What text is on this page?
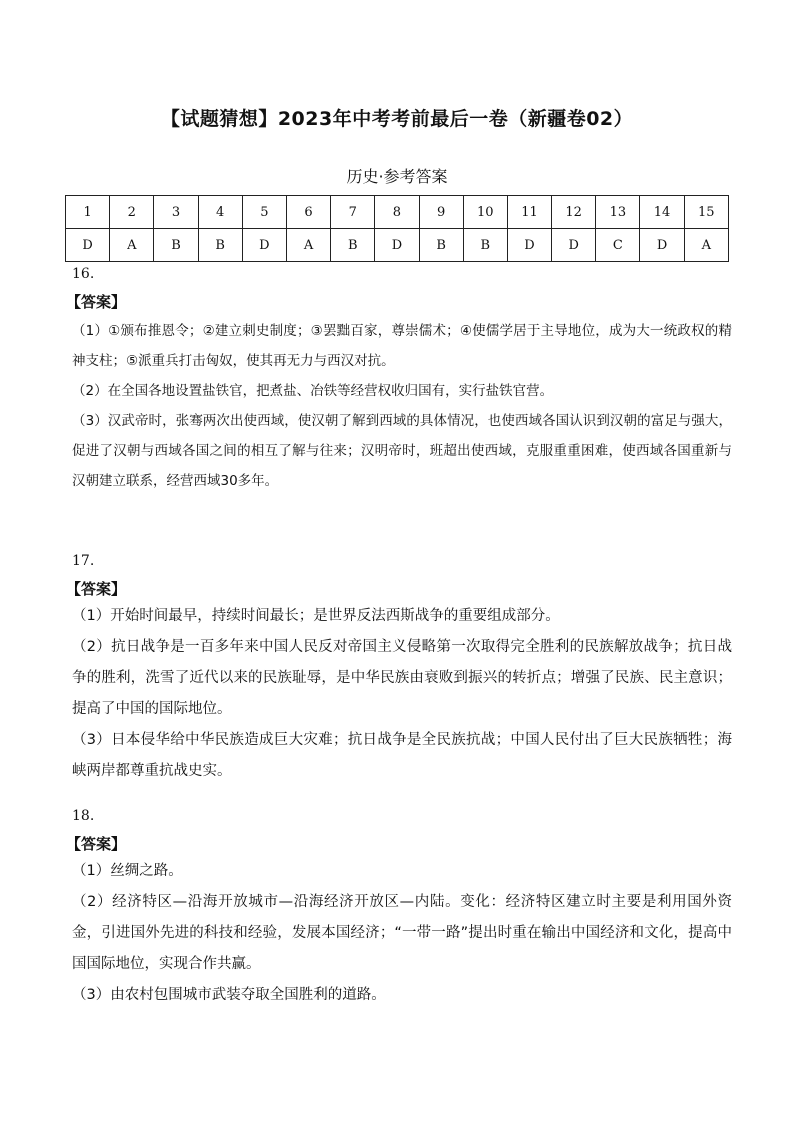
【试题猜想】2023年中考考前最后一卷（新疆卷02）
历史·参考答案
1	2	3	4	5	6	7	8	9	10	11	12	13	14	15
D	A	B	B	D	A	B	D	B	B	D	D	C	D	A
16.
【答案】
（1）①颁布推恩令；②建立刺史制度；③罢黜百家，尊崇儒术；④使儒学居于主导地位，成为大一统政权的精神支柱；⑤派重兵打击匈奴，使其再无力与西汉对抗。
（2）在全国各地设置盐铁官，把煮盐、冶铁等经营权收归国有，实行盐铁官营。
（3）汉武帝时，张骞两次出使西域，使汉朝了解到西域的具体情况，也使西域各国认识到汉朝的富足与强大，促进了汉朝与西域各国之间的相互了解与往来；汉明帝时，班超出使西域，克服重重困难，使西域各国重新与汉朝建立联系，经营西域30多年。
17.
【答案】
（1）开始时间最早，持续时间最长；是世界反法西斯战争的重要组成部分。
（2）抗日战争是一百多年来中国人民反对帝国主义侵略第一次取得完全胜利的民族解放战争；抗日战争的胜利，洗雪了近代以来的民族耻辱，是中华民族由衰败到振兴的转折点；增强了民族、民主意识；提高了中国的国际地位。
（3）日本侵华给中华民族造成巨大灾难；抗日战争是全民族抗战；中国人民付出了巨大民族牺牲；海峡两岸都尊重抗战史实。
18.
【答案】
（1）丝绸之路。
（2）经济特区—沿海开放城市—沿海经济开放区—内陆。变化：经济特区建立时主要是利用国外资金，引进国外先进的科技和经验，发展本国经济；“一带一路”提出时重在输出中国经济和文化，提高中国国际地位，实现合作共赢。
（3）由农村包围城市武装夺取全国胜利的道路。
